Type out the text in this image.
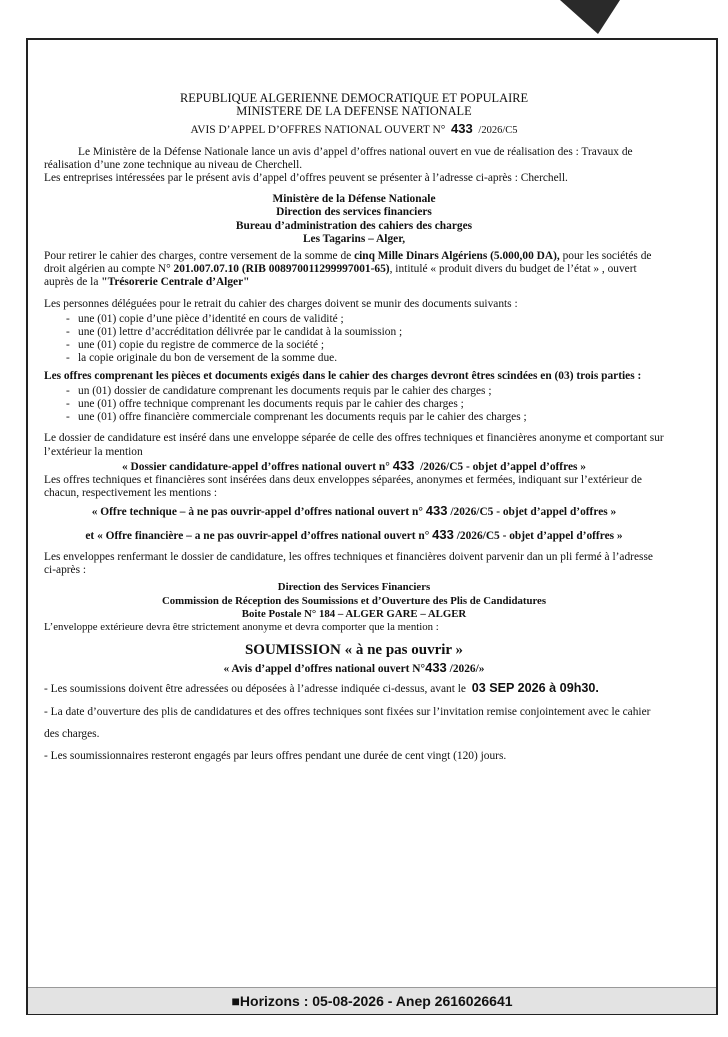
REPUBLIQUE ALGERIENNE DEMOCRATIQUE ET POPULAIRE

MINISTERE DE LA DEFENSE NATIONALE

AVIS D’APPEL D’OFFRES NATIONAL OUVERT N° 433 /2026/C5

Le Ministère de la Défense Nationale lance un avis d’appel d’offres national ouvert en vue de réalisation des : Travaux de réalisation d’une zone technique au niveau de Cherchell.

Les entreprises intéressées par le présent avis d’appel d’offres peuvent se présenter à l’adresse ci-après : Cherchell.

Ministère de la Défense Nationale

Direction des services financiers

Bureau d’administration des cahiers des charges

Les Tagarins – Alger,

Pour retirer le cahier des charges, contre versement de la somme de cinq Mille Dinars Algériens (5.000,00 DA), pour les sociétés de droit algérien au compte N° 201.007.07.10 (RIB 008970011299997001-65), intitulé « produit divers du budget de l’état » , ouvert auprès de la "Trésorerie Centrale d’Alger"

Les personnes déléguées pour le retrait du cahier des charges doivent se munir des documents suivants :

- une (01) copie d’une pièce d’identité en cours de validité ;
- une (01) lettre d’accréditation délivrée par le candidat à la soumission ;
- une (01) copie du registre de commerce de la société ;
- la copie originale du bon de versement de la somme due.

Les offres comprenant les pièces et documents exigés dans le cahier des charges devront êtres scindées en (03) trois parties :

- un (01) dossier de candidature comprenant les documents requis par le cahier des charges ;
- une (01) offre technique comprenant les documents requis par le cahier des charges ;
- une (01) offre financière commerciale comprenant les documents requis par le cahier des charges ;

Le dossier de candidature est inséré dans une enveloppe séparée de celle des offres techniques et financières anonyme et comportant sur l’extérieur la mention

« Dossier candidature-appel d’offres national ouvert n° 433 /2026/C5 - objet d’appel d’offres »

Les offres techniques et financières sont insérées dans deux enveloppes séparées, anonymes et fermées, indiquant sur l’extérieur de chacun, respectivement les mentions :

« Offre technique – à ne pas ouvrir-appel d’offres national ouvert n° 433 /2026/C5 - objet d’appel d’offres »

et « Offre financière – a ne pas ouvrir-appel d’offres national ouvert n° 433 /2026/C5 - objet d’appel d’offres »

Les enveloppes renfermant le dossier de candidature, les offres techniques et financières doivent parvenir dan un pli fermé à l’adresse ci-après :

Direction des Services Financiers

Commission de Réception des Soumissions et d’Ouverture des Plis de Candidatures

Boite Postale N° 184 – ALGER GARE – ALGER

L’enveloppe extérieure devra être strictement anonyme et devra comporter que la mention :

SOUMISSION « à ne pas ouvrir »

« Avis d’appel d’offres national ouvert N°433 /2026/»

- Les soumissions doivent être adressées ou déposées à l’adresse indiquée ci-dessus, avant le  03 SEP 2026 à 09h30.

- La date d’ouverture des plis de candidatures et des offres techniques sont fixées sur l’invitation remise conjointement avec le cahier des charges.

- Les soumissionnaires resteront engagés par leurs offres pendant une durée de cent vingt (120) jours.

■Horizons : 05-08-2026 - Anep 2616026641
